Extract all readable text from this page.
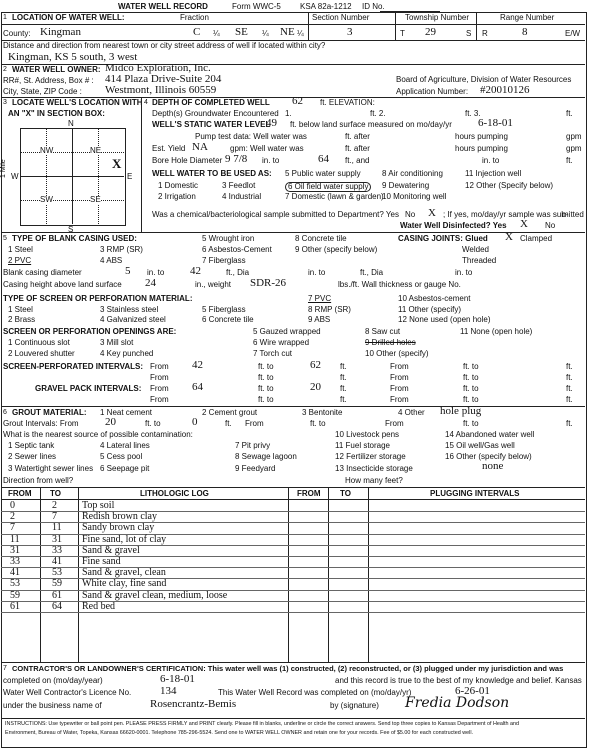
WATER WELL RECORD	Form WWC-5 KSA 82a-1212 ID No.
1 LOCATION OF WATER WELL:	Fraction	Section Number	Township Number	Range Number
County: Kingman	C ¼ SE ¼ NE ¼	3	T 29	S R	8	E/W
Distance and direction from nearest town or city street address of well if located within city?
Kingman, KS 5 south, 3 west
2 WATER WELL OWNER: Midco Exploration, Inc.
RR#, St. Address, Box # : 414 Plaza Drive-Suite 204
City, State, ZIP Code : Westmont, Illinois 60559
Board of Agriculture, Division of Water Resources
Application Number: #20010126
3 LOCATE WELL'S LOCATION WITH
AN "X" IN SECTION BOX:
N
NW	NE
SW	SE
X
W	E
S
1 Mile
4 DEPTH OF COMPLETED WELL 62 ft. ELEVATION:
Depth(s) Groundwater Encountered 1.	ft. 2.	ft. 3.	ft.
WELL'S STATIC WATER LEVEL
49 ft. below land surface measured on mo/day/yr 6-18-01
Pump test data: Well water was	ft. after	hours pumping	gpm
Est. Yield NA	gpm: Well water was	ft. after	hours pumping	gpm
Bore Hole Diameter 9 7/8 in. to	64 ft., and	in. to	ft.
WELL WATER TO BE USED AS: 5 Public water supply	8 Air conditioning	11 Injection well
1 Domestic	3 Feedlot	6 Oil field water supply	9 Dewatering	12 Other (Specify below)
2 Irrigation	4 Industrial	7 Domestic (lawn & garden)
10 Monitoring well
Was a chemical/bacteriological sample submitted to Department? Yes No X ; If yes, mo/day/yr sample was sub-
mitted
Water Well Disinfected? Yes X No
5 TYPE OF BLANK CASING USED:	5 Wrought iron	8 Concrete tile	CASING JOINTS: Glued X Clamped
1 Steel	3 RMP (SR)	6 Asbestos-Cement	9 Other (specify below)	Welded
2 PVC	4 ABS	7 Fiberglass	Threaded
Blank casing diameter	5 in. to 42	ft., Dia	in. to	ft., Dia	in. to
Casing height above land surface 24	in., weight SDR-26	lbs./ft. Wall thickness or gauge No.
TYPE OF SCREEN OR PERFORATION MATERIAL:	7 PVC	10 Asbestos-cement
1 Steel	3 Stainless steel	5 Fiberglass	8 RMP (SR)	11 Other (specify)
2 Brass	4 Galvanized steel	6 Concrete tile	9 ABS	12 None used (open hole)
SCREEN OR PERFORATION OPENINGS ARE:	5 Gauzed wrapped	8 Saw cut	11 None (open hole)
1 Continuous slot	3 Mill slot	6 Wire wrapped	9 Drilled holes
2 Louvered shutter	4 Key punched	7 Torch cut	10 Other (specify)
SCREEN-PERFORATED INTERVALS: From 42	ft. to	62 ft.	From	ft. to	ft.
From	ft. to	ft.	From	ft. to	ft.
GRAVEL PACK INTERVALS: From 64	ft. to	20 ft.	From	ft. to	ft.
From	ft. to	ft.	From	ft. to	ft.
6 GROUT MATERIAL: 1 Neat cement	2 Cement grout	3 Bentonite	4 Other hole plug
Grout Intervals: From 20	ft. to	0	ft. From	ft. to	From	ft. to	ft.
What is the nearest source of possible contamination:
1 Septic tank	4 Lateral lines	7 Pit privy
10 Livestock pens	14 Abandoned water well
2 Sewer lines	5 Cess pool	8 Sewage lagoon
11 Fuel storage	15 Oil well/Gas well
3 Watertight sewer lines 6 Seepage pit	9 Feedyard
12 Fertilizer storage	16 Other (specify below)
13 Insecticide storage	none
Direction from well?	How many feet?
FROM TO	LITHOLOGIC LOG	FROM TO	PLUGGING INTERVALS
0	2	Top soil
2	7	Redish brown clay
7	11 Sandy brown clay
11	31 Fine sand, lot of clay
31	33 Sand & gravel
33	41 Fine sand
41	53 Sand & gravel, clean
53	59 White clay, fine sand
59	61 Sand & gravel clean, medium, loose
61	64 Red bed
7 CONTRACTOR'S OR LANDOWNER'S CERTIFICATION: This water well was (1) constructed, (2) reconstructed, or (3) plugged under my jurisdiction and was
completed on (mo/day/year)	6-18-01	and this record is true to the best of my knowledge and belief. Kansas
Water Well Contractor's Licence No.	134	This Water Well Record was completed on (mo/day/yr)	6-26-01
under the business name of	Rosencrantz-Bemis	by (signature) Fredia Dodson
INSTRUCTIONS: Use typewriter or ball point pen. PLEASE PRESS FIRMLY and PRINT clearly. Please fill in blanks, underline or circle the correct answers. Send top three copies to Kansas Department of Health and
Environment, Bureau of Water, Topeka, Kansas 66620-0001. Telephone 785-296-5524. Send one to WATER WELL OWNER and retain one for your records. Fee of $5.00 for each constructed well.
